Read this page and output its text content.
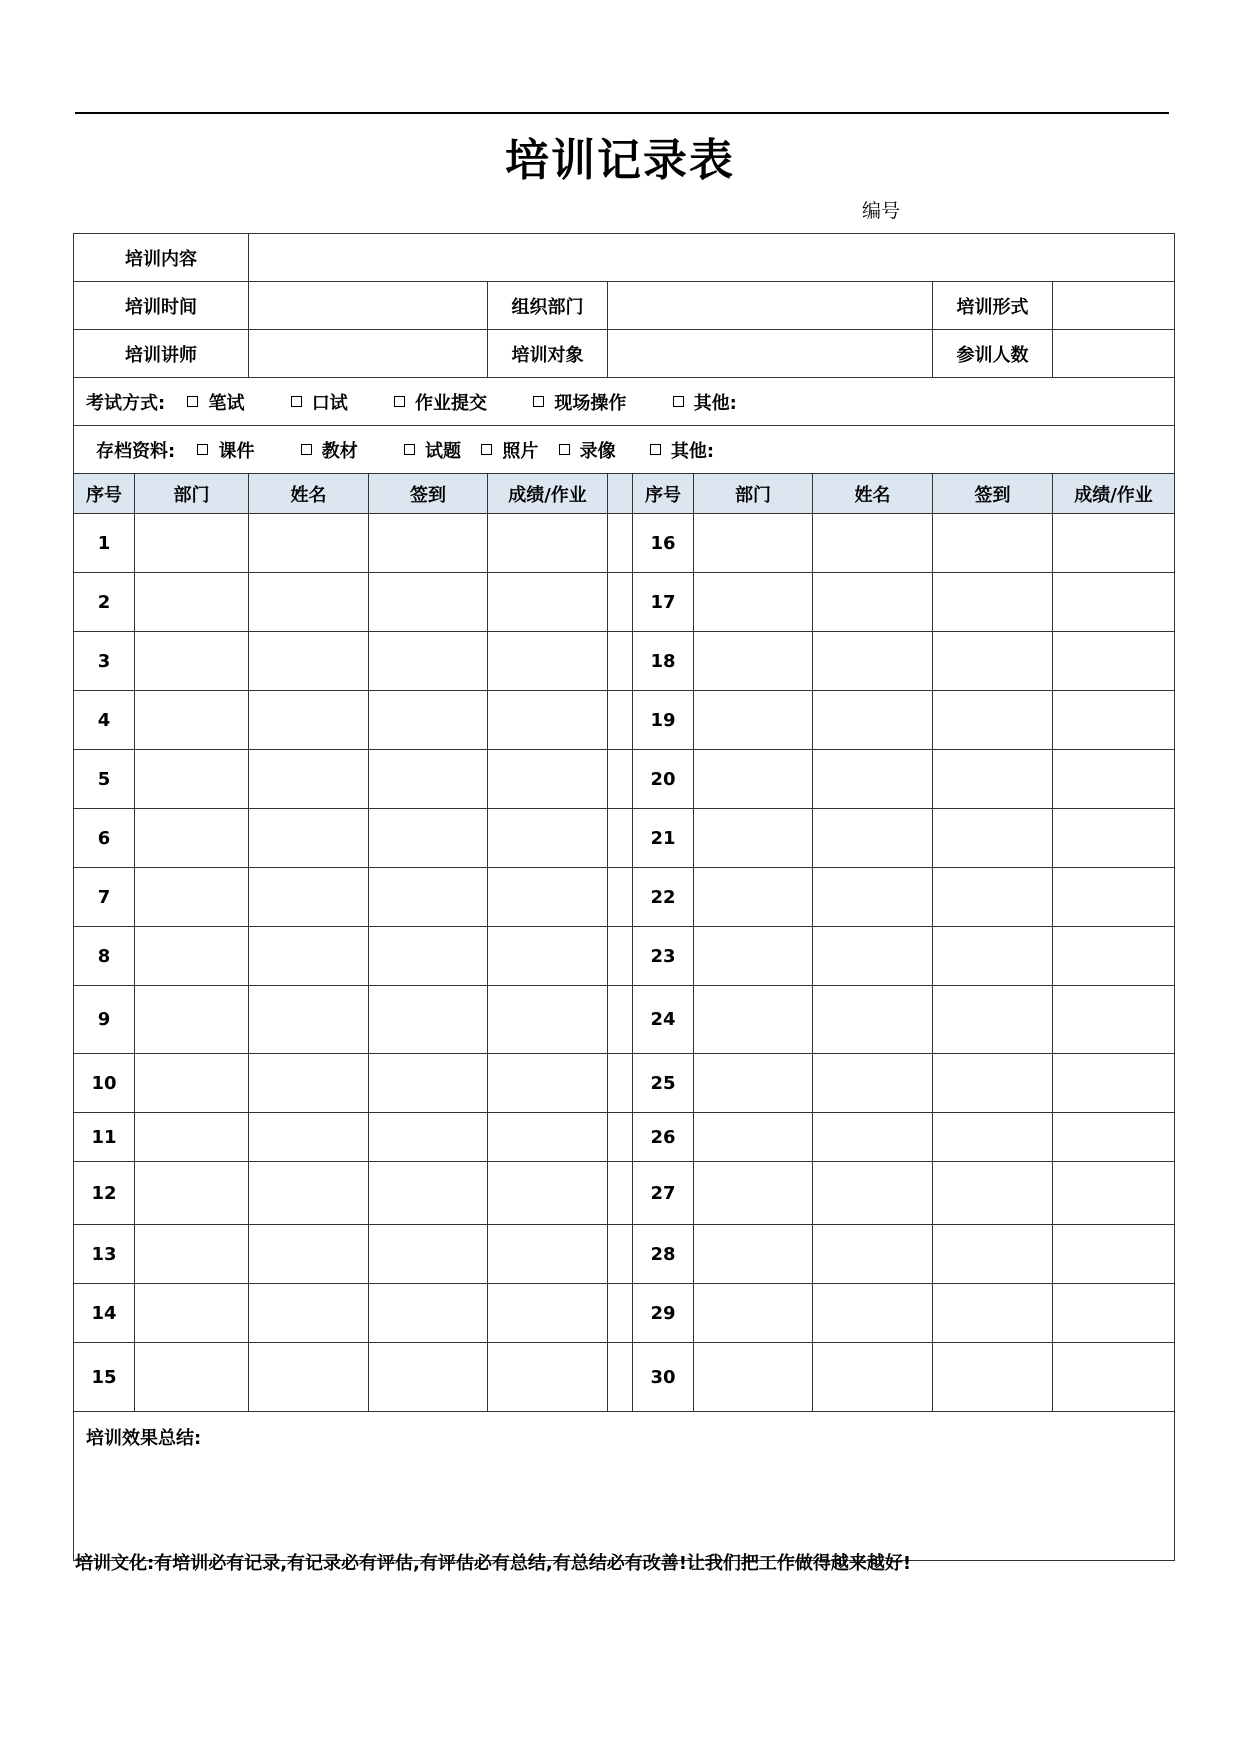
培训记录表
编号
培训内容										
培训时间				组织部门					培训形式	
培训讲师				培训对象					参训人数	
考试方式: 笔试 口试 作业提交 现场操作 其他:										
存档资料: 课件 教材 试题 照片 录像 其他:										
序号	部门	姓名	签到	成绩/作业		序号	部门	姓名	签到	成绩/作业
1						16				
2						17				
3						18				
4						19				
5						20				
6						21				
7						22				
8						23				
9						24				
10						25				
11						26				
12						27				
13						28				
14						29				
15						30				
培训效果总结:										
培训文化:有培训必有记录,有记录必有评估,有评估必有总结,有总结必有改善!让我们把工作做得越来越好!
